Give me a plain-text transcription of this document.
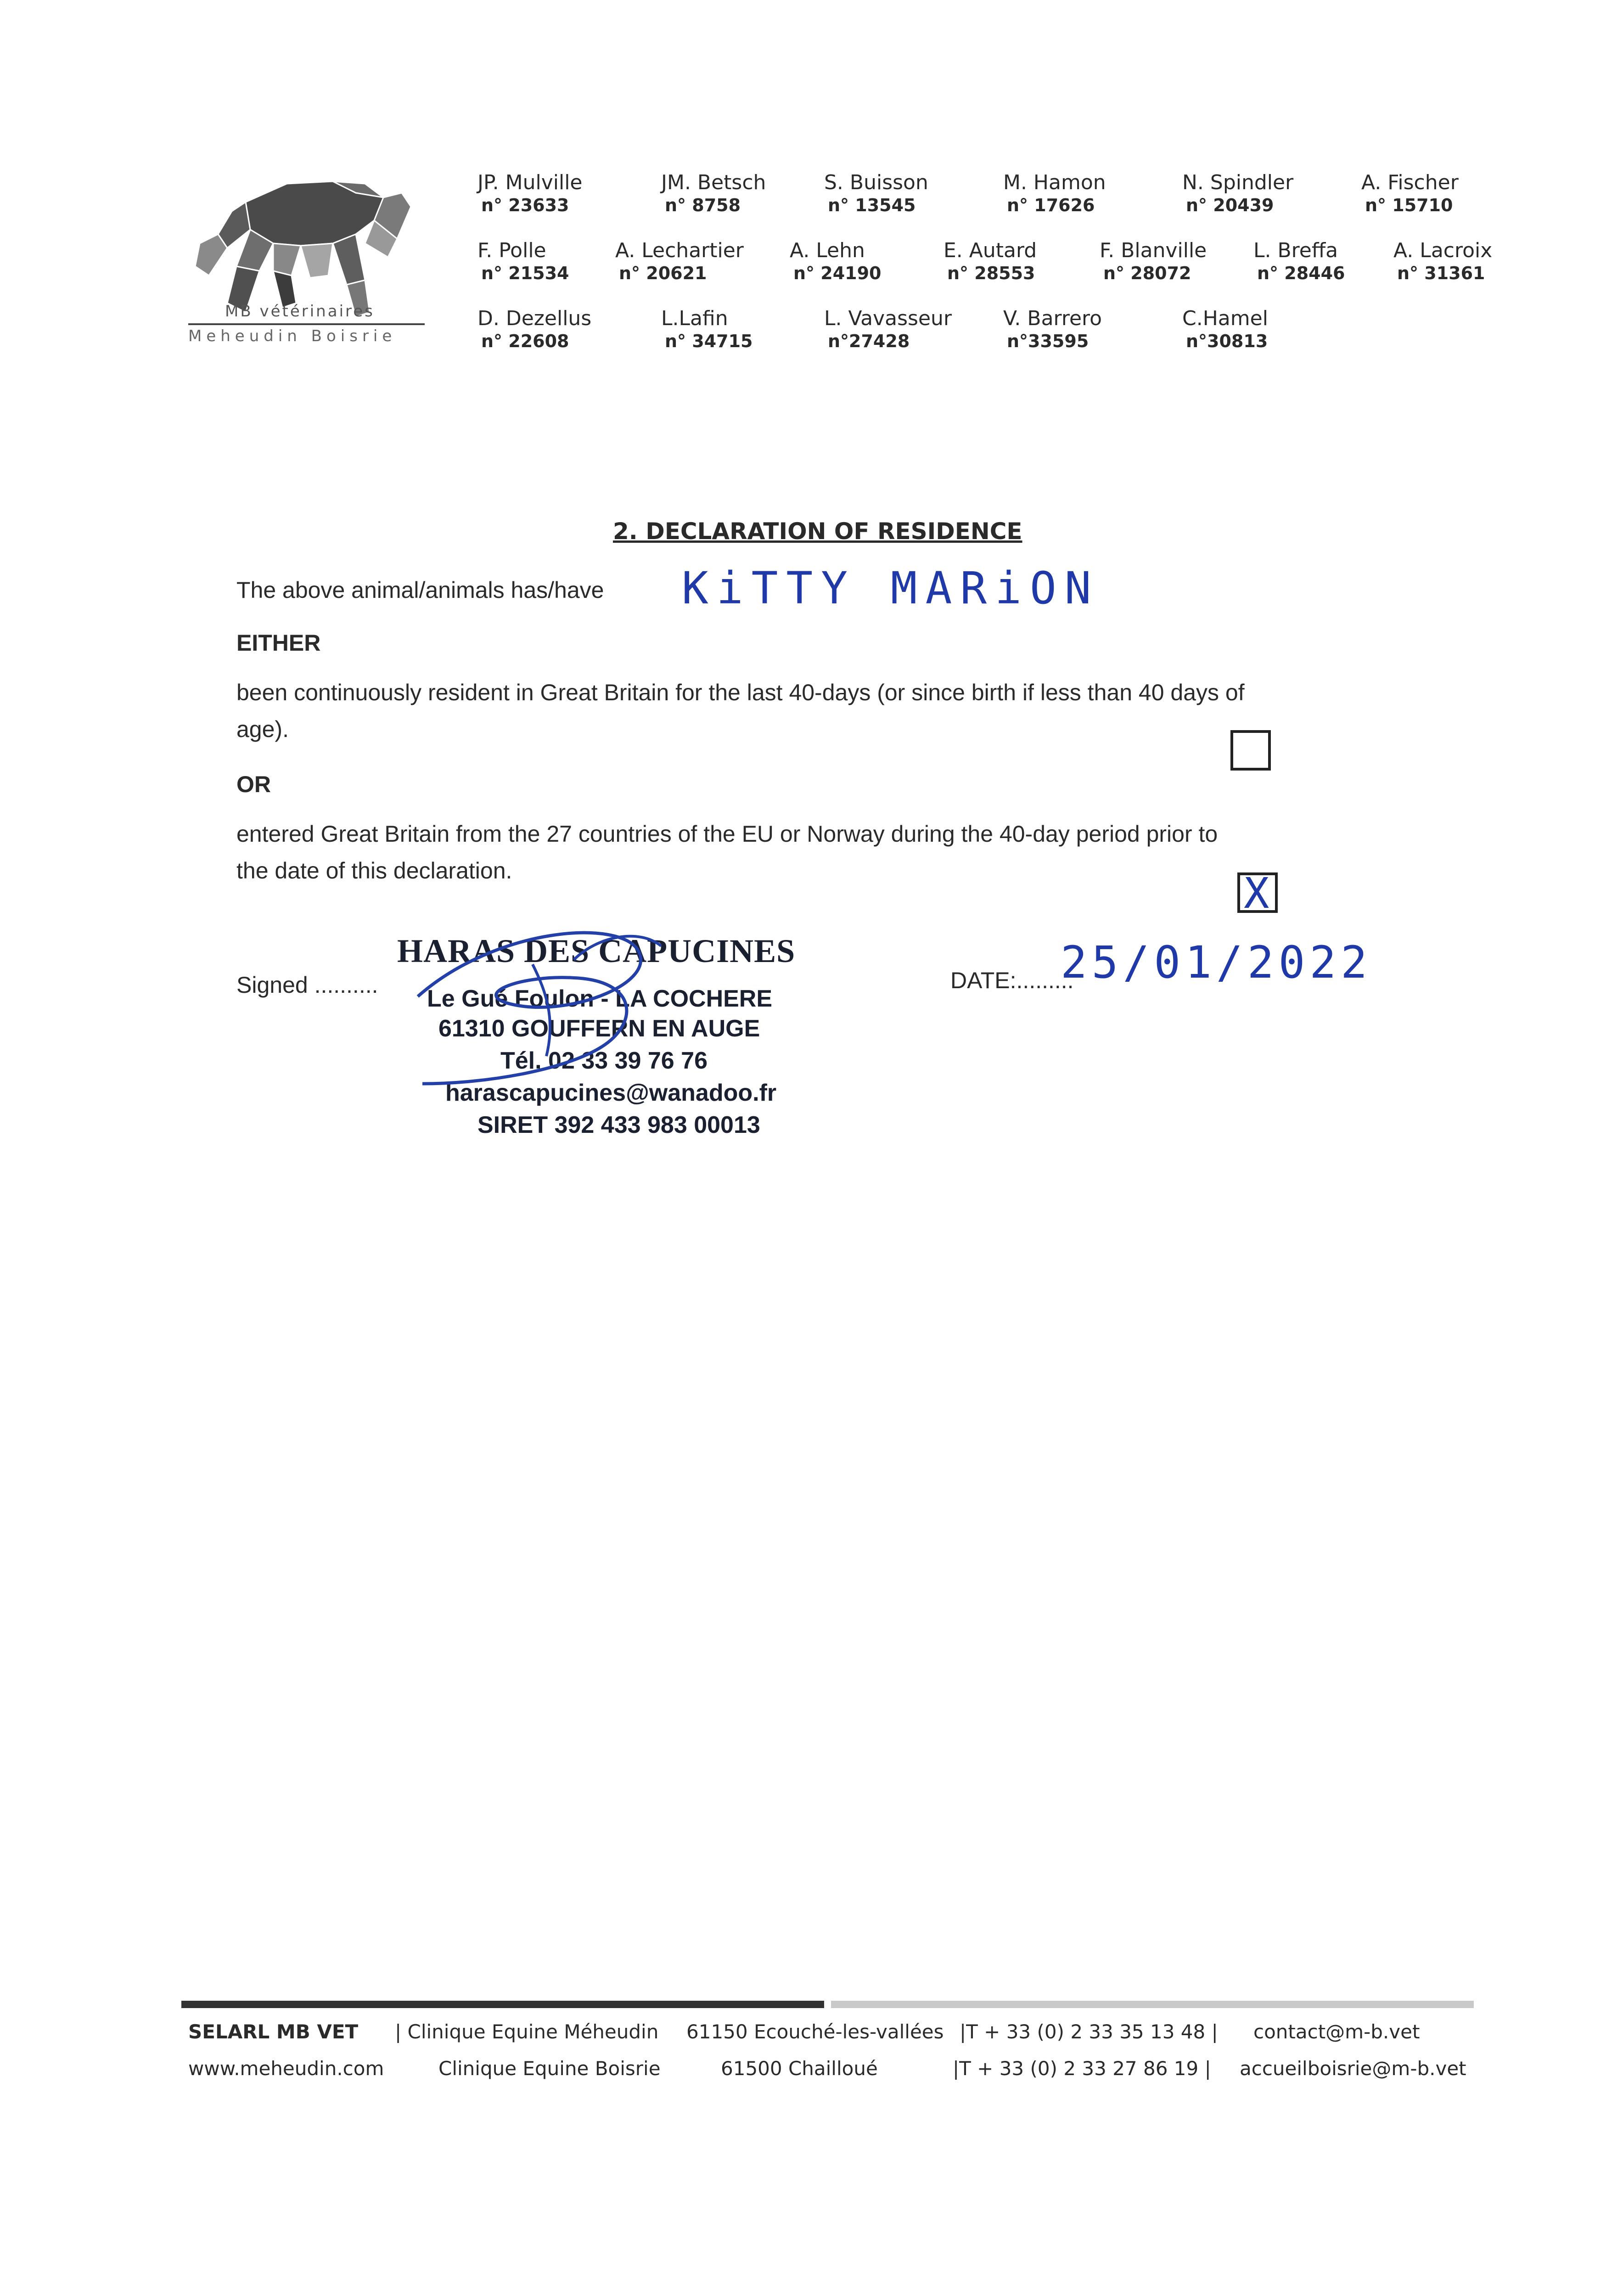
MB vétérinaires
Meheudin Boisrie
JP. Mulville
n° 23633
JM. Betsch
n° 8758
S. Buisson
n° 13545
M. Hamon
n° 17626
N. Spindler
n° 20439
A. Fischer
n° 15710
F. Polle
n° 21534
A. Lechartier
n° 20621
A. Lehn
n° 24190
E. Autard
n° 28553
F. Blanville
n° 28072
L. Breffa
n° 28446
A. Lacroix
n° 31361
D. Dezellus
n° 22608
L.Lafin
n° 34715
L. Vavasseur
n°27428
V. Barrero
n°33595
C.Hamel
n°30813
2. DECLARATION OF RESIDENCE
The above animal/animals has/have KiTTY MARiON
EITHER
been continuously resident in Great Britain for the last 40-days (or since birth if less than 40 days of
age).
OR
entered Great Britain from the 27 countries of the EU or Norway during the 40-day period prior to
the date of this declaration.	X
Signed ..........	DATE:.........
25/01/2022
HARAS DES CAPUCINES
Le Gué Foulon - LA COCHERE
61310 GOUFFERN EN AUGE
Tél. 02 33 39 76 76
harascapucines@wanadoo.fr
SIRET 392 433 983 00013
SELARL MB VET | Clinique Equine Méheudin 61150 Ecouché-les-vallées |T + 33 (0) 2 33 35 13 48 | contact@m-b.vet
www.meheudin.com	Clinique Equine Boisrie	61500 Chailloué	|T + 33 (0) 2 33 27 86 19 | accueilboisrie@m-b.vet
